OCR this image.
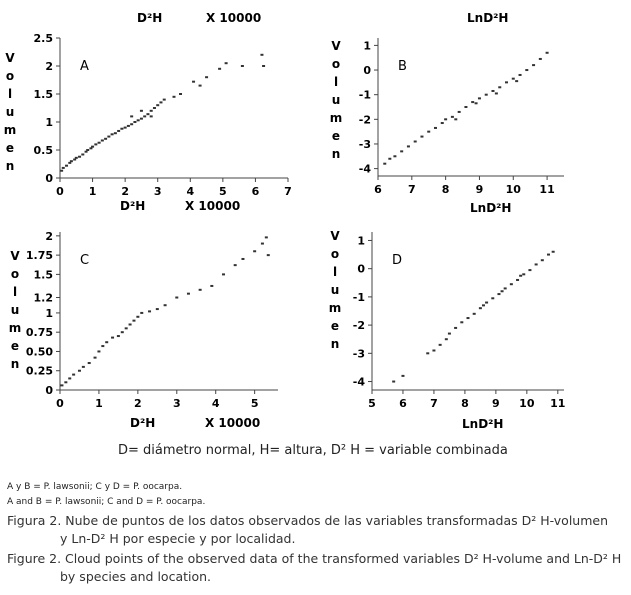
D²H	X 10000	LnD²H
0 1 2 3 4 5 6 7
0
0.5
1
1.5
2
2.5
A
V
o
l
u
m
e
n
D²H	X 10000
6 7 8 9 10 11
-4
-3
-2
-1
0
1
B
V
o
l
u
m
e
n
LnD²H
0	1	2	3	4	5
0
0.25
0.50
0.75
1
1.2
1.5
1.75
2
C
V
o
l
u
m
e
n
D²H	X 10000
5 6 7 8 9 10 11
-4
-3
-2
-1
0
1
D
V
o
l
u
m
e
n
LnD²H
D= diámetro normal, H= altura, D² H = variable combinada
A y B = P. lawsonii; C y D = P. oocarpa.
A and B = P. lawsonii; C and D = P. oocarpa.
Figura 2. Nube de puntos de los datos observados de las variables transformadas D² H-volumen
y Ln-D² H por especie y por localidad.
Figure 2. Cloud points of the observed data of the transformed variables D² H-volume and Ln-D² H
by species and location.
